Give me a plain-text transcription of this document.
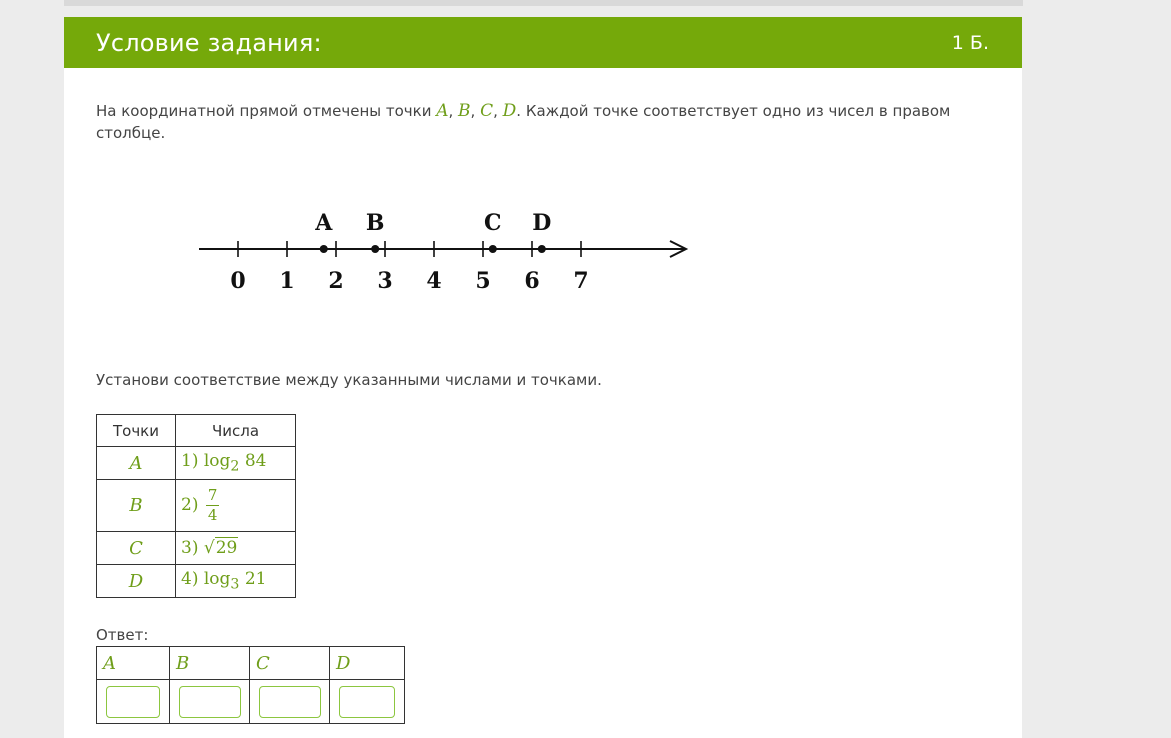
Условие задания:	1 Б.
На координатной прямой отмечены точки A, B, C, D. Каждой точке соответствует одно из чисел в правом столбце.
0 1 2 3 4 5 6 7
A B	C D
Установи соответствие между указанными числами и точками.
Точки	Числа
A	1) $\log_2 84$
B	$2) \frac{7}{4}$

C	3) √29
D	4) $\log_3 21$
Ответ:
A	B	C	D
